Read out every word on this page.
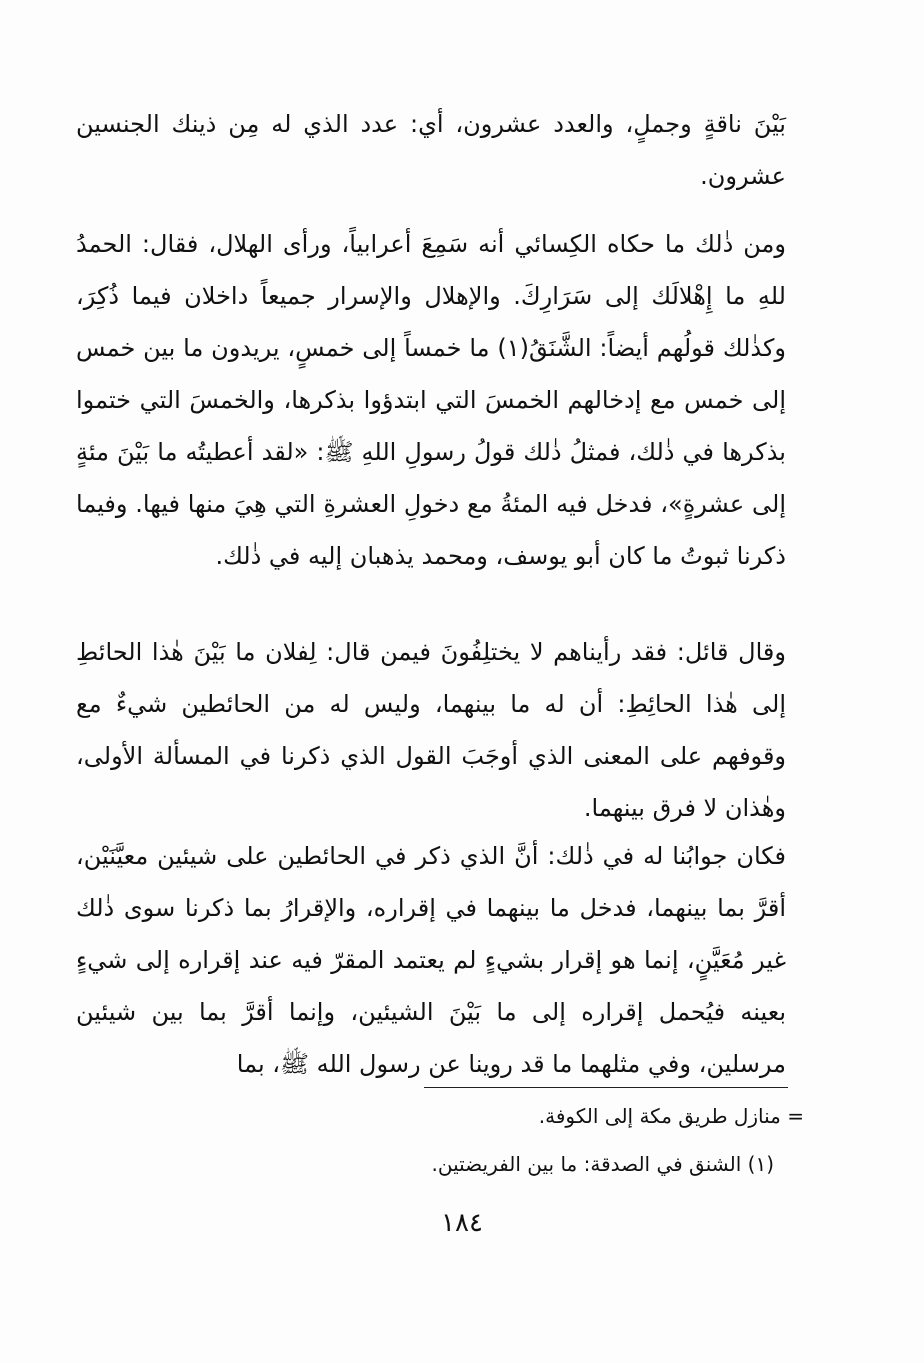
بَيْنَ ناقةٍ وجملٍ، والعدد عشرون، أي: عدد الذي له مِن ذينك الجنسين عشرون.

ومن ذٰلك ما حكاه الكِسائي أنه سَمِعَ أعرابياً، ورأى الهلال، فقال: الحمدُ للهِ ما إِهْلالَك إلى سَرَارِكَ. والإهلال والإسرار جميعاً داخلان فيما ذُكِرَ، وكذٰلك قولُهم أيضاً: الشَّنَقُ(١) ما خمساً إلى خمسٍ، يريدون ما بين خمس إلى خمس مع إدخالهم الخمسَ التي ابتدؤوا بذكرها، والخمسَ التي ختموا بذكرها في ذٰلك، فمثلُ ذٰلك قولُ رسولِ اللهِ ﷺ: «لقد أعطيتُه ما بَيْنَ مئةٍ إلى عشرةٍ»، فدخل فيه المئةُ مع دخولِ العشرةِ التي هِيَ منها فيها. وفيما ذكرنا ثبوتُ ما كان أبو يوسف، ومحمد يذهبان إليه في ذٰلك.

وقال قائل: فقد رأيناهم لا يختلِفُونَ فيمن قال: لِفلان ما بَيْنَ هٰذا الحائطِ إلى هٰذا الحائِطِ: أن له ما بينهما، وليس له من الحائطين شيءٌ مع وقوفهم على المعنى الذي أوجَبَ القول الذي ذكرنا في المسألة الأولى، وهٰذان لا فرق بينهما.

فكان جوابُنا له في ذٰلك: أنَّ الذي ذكر في الحائطين على شيئين معيَّنَيْن، أقرَّ بما بينهما، فدخل ما بينهما في إقراره، والإقرارُ بما ذكرنا سوى ذٰلك غير مُعَيَّنٍ، إنما هو إقرار بشيءٍ لم يعتمد المقرّ فيه عند إقراره إلى شيءٍ بعينه فيُحمل إقراره إلى ما بَيْنَ الشيئين، وإنما أقرَّ بما بين شيئين مرسلين، وفي مثلهما ما قد روينا عن رسول الله ﷺ، بما

= منازل طريق مكة إلى الكوفة.
(١) الشنق في الصدقة: ما بين الفريضتين.
١٨٤
